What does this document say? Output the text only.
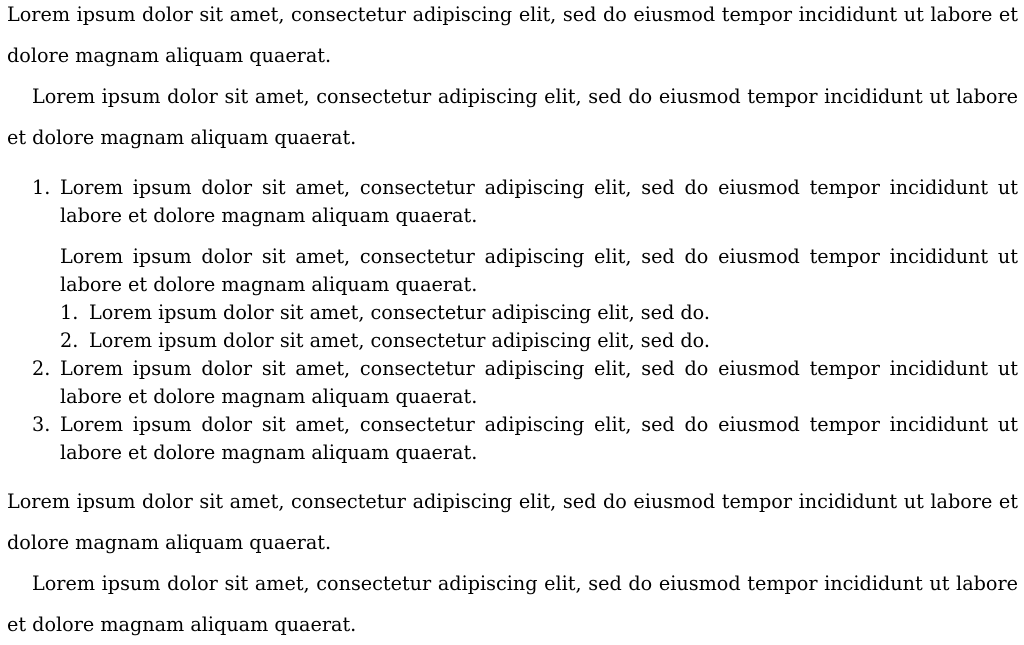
Lorem ipsum dolor sit amet, consectetur adipiscing elit, sed do eiusmod tempor incididunt ut labore et dolore magnam aliquam quaerat.

Lorem ipsum dolor sit amet, consectetur adipiscing elit, sed do eiusmod tempor incididunt ut labore et dolore magnam aliquam quaerat.

1. Lorem ipsum dolor sit amet, consectetur adipiscing elit, sed do eiusmod tempor incididunt ut labore et dolore magnam aliquam quaerat.
Lorem ipsum dolor sit amet, consectetur adipiscing elit, sed do eiusmod tempor incididunt ut labore et dolore magnam aliquam quaerat.
1. Lorem ipsum dolor sit amet, consectetur adipiscing elit, sed do.
2. Lorem ipsum dolor sit amet, consectetur adipiscing elit, sed do.
2. Lorem ipsum dolor sit amet, consectetur adipiscing elit, sed do eiusmod tempor incididunt ut labore et dolore magnam aliquam quaerat.
3. Lorem ipsum dolor sit amet, consectetur adipiscing elit, sed do eiusmod tempor incididunt ut labore et dolore magnam aliquam quaerat.

Lorem ipsum dolor sit amet, consectetur adipiscing elit, sed do eiusmod tempor incididunt ut labore et dolore magnam aliquam quaerat.

Lorem ipsum dolor sit amet, consectetur adipiscing elit, sed do eiusmod tempor incididunt ut labore et dolore magnam aliquam quaerat.
